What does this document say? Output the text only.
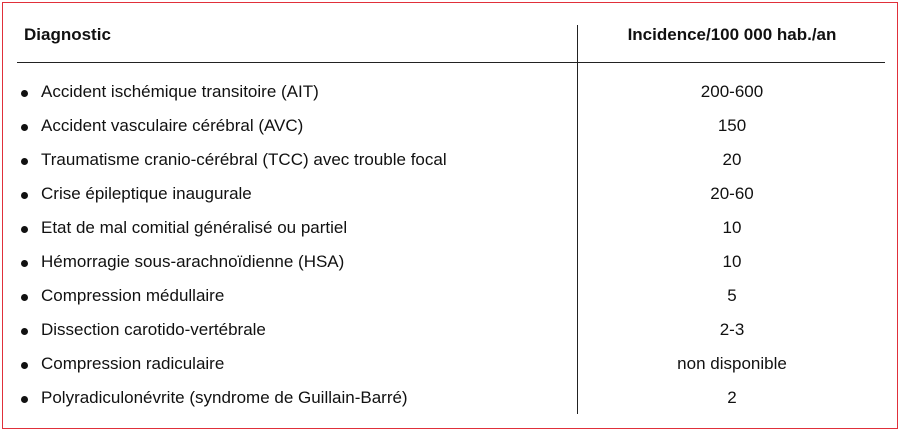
Diagnostic	Incidence/100 000 hab./an
Accident ischémique transitoire (AIT)	200-600
Accident vasculaire cérébral (AVC)	150
Traumatisme cranio-cérébral (TCC) avec trouble focal	20
Crise épileptique inaugurale	20-60
Etat de mal comitial généralisé ou partiel	10
Hémorragie sous-arachnoïdienne (HSA)	10
Compression médullaire	5
Dissection carotido-vertébrale	2-3
Compression radiculaire	non disponible
Polyradiculonévrite (syndrome de Guillain-Barré)	2
